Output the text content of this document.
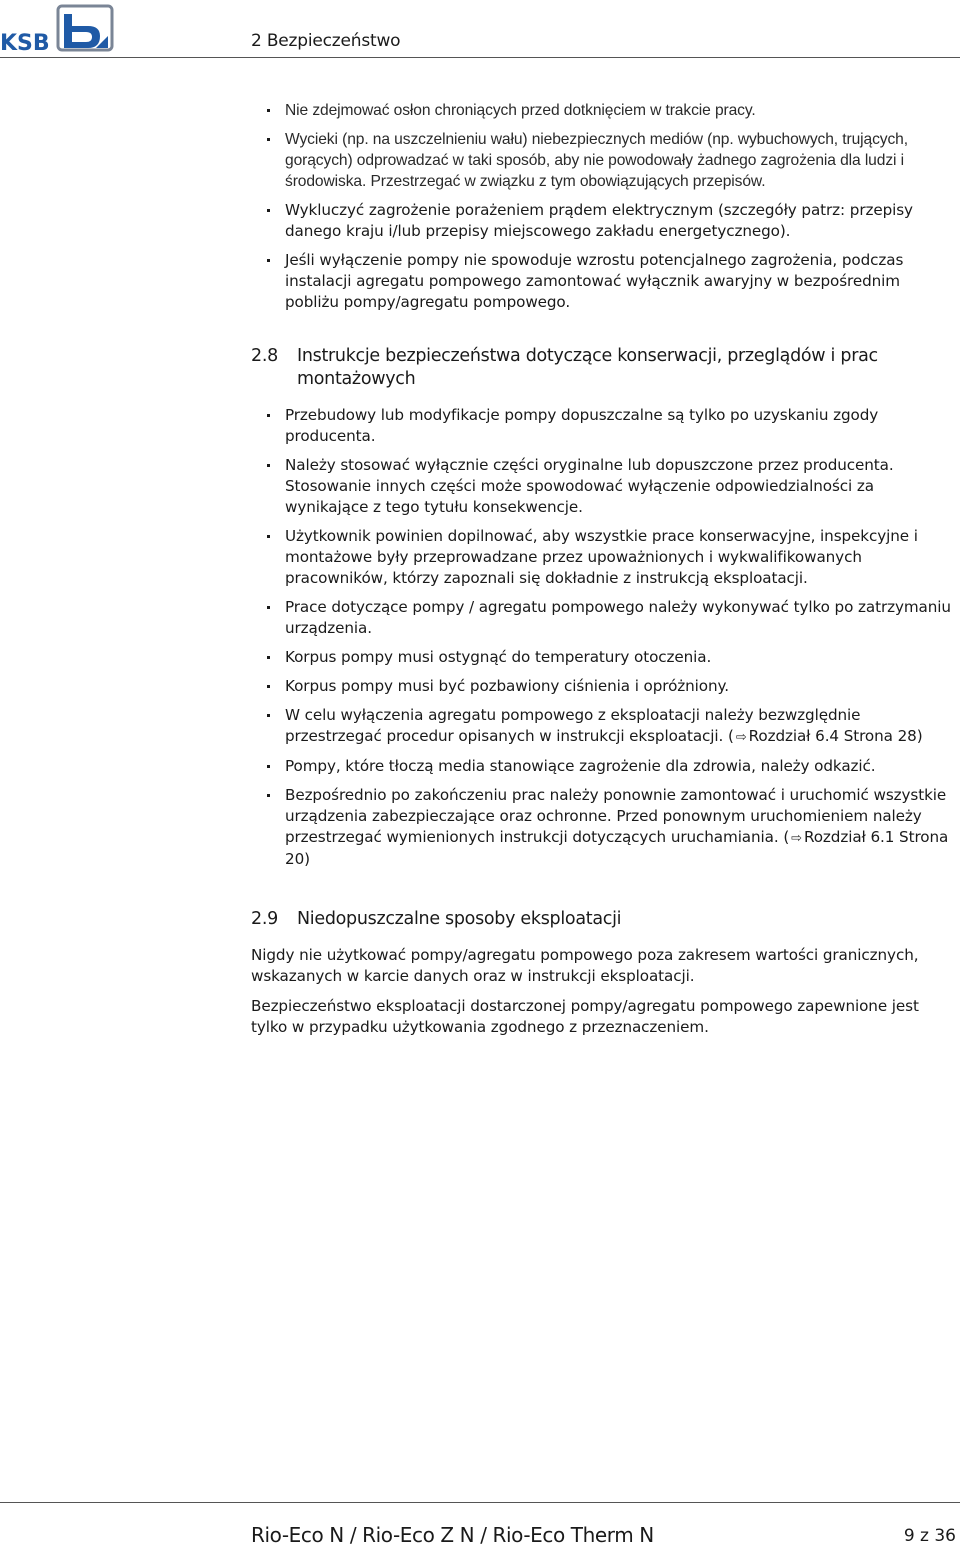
KSB	2 Bezpieczeństwo
Nie zdejmować osłon chroniących przed dotknięciem w trakcie pracy.
Wycieki (np. na uszczelnieniu wału) niebezpiecznych mediów (np. wybuchowych, trujących, gorących) odprowadzać w taki sposób, aby nie powodowały żadnego zagrożenia dla ludzi i środowiska. Przestrzegać w związku z tym obowiązujących przepisów.
Wykluczyć zagrożenie porażeniem prądem elektrycznym (szczegóły patrz: przepisy danego kraju i/lub przepisy miejscowego zakładu energetycznego).
Jeśli wyłączenie pompy nie spowoduje wzrostu potencjalnego zagrożenia, podczas instalacji agregatu pompowego zamontować wyłącznik awaryjny w bezpośrednim pobliżu pompy/agregatu pompowego.
2.8	Instrukcje bezpieczeństwa dotyczące konserwacji, przeglądów i prac montażowych
Przebudowy lub modyfikacje pompy dopuszczalne są tylko po uzyskaniu zgody producenta.
Należy stosować wyłącznie części oryginalne lub dopuszczone przez producenta. Stosowanie innych części może spowodować wyłączenie odpowiedzialności za wynikające z tego tytułu konsekwencje.
Użytkownik powinien dopilnować, aby wszystkie prace konserwacyjne, inspekcyjne i montażowe były przeprowadzane przez upoważnionych i wykwalifikowanych pracowników, którzy zapoznali się dokładnie z instrukcją eksploatacji.
Prace dotyczące pompy / agregatu pompowego należy wykonywać tylko po zatrzymaniu urządzenia.
Korpus pompy musi ostygnąć do temperatury otoczenia.
Korpus pompy musi być pozbawiony ciśnienia i opróżniony.
W celu wyłączenia agregatu pompowego z eksploatacji należy bezwzględnie przestrzegać procedur opisanych w instrukcji eksploatacji. ( ⇨ Rozdział 6.4 Strona 28)
Pompy, które tłoczą media stanowiące zagrożenie dla zdrowia, należy odkazić.
Bezpośrednio po zakończeniu prac należy ponownie zamontować i uruchomić wszystkie urządzenia zabezpieczające oraz ochronne. Przed ponownym uruchomieniem należy przestrzegać wymienionych instrukcji dotyczących uruchamiania. ( ⇨ Rozdział 6.1 Strona 20)
2.9	Niedopuszczalne sposoby eksploatacji

Nigdy nie użytkować pompy/agregatu pompowego poza zakresem wartości granicznych, wskazanych w karcie danych oraz w instrukcji eksploatacji.

Bezpieczeństwo eksploatacji dostarczonej pompy/agregatu pompowego zapewnione jest tylko w przypadku użytkowania zgodnego z przeznaczeniem.

Rio-Eco N / Rio-Eco Z N / Rio-Eco Therm N	9 z 36
